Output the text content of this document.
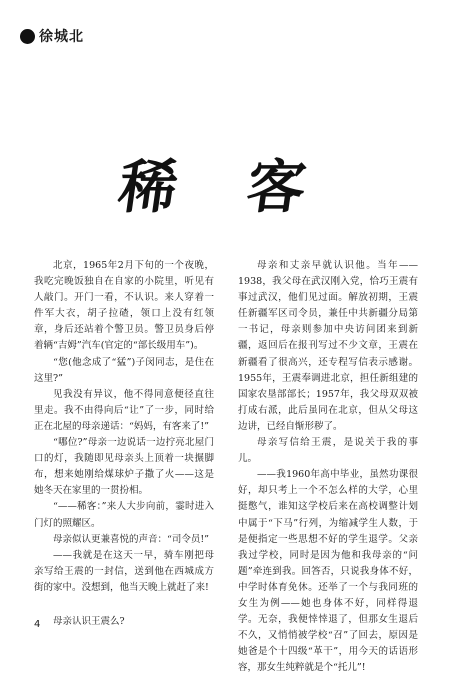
徐城北
稀客

北京，1965年2月下旬的一个夜晚，我吃完晚饭独自在自家的小院里，听见有人敲门。开门一看，不认识。来人穿着一件军大衣，胡子拉碴，领口上没有红领章，身后还站着个警卫员。警卫员身后停着辆“吉姆”汽车(官定的“部长级用车”)。

“您(他念成了“猛”)子闵同志，是住在这里?”

见我没有异议，他不得同意便径直往里走。我不由得向后“让”了一步，同时给正在北屋的母亲递话：“妈妈，有客来了!”

“哪位?”母亲一边说话一边拧亮北屋门口的灯，我随即见母亲头上顶着一块搌脚布，想来她刚给煤球炉子撒了火——这是她冬天在家里的一贯扮相。

“——稀客：”来人大步向前，霎时进入门灯的照耀区。

母亲似认更兼喜悦的声音：“司令员!”

——我就是在这天一早，骑车刚把母亲写给王震的一封信，送到他在西城成方街的家中。没想到，他当天晚上就赶了来!

母亲认识王震么?

母亲和丈亲早就认识他。当年——1938，我父母在武汉刚入党，恰巧王震有事过武汉，他们见过面。解放初期，王震任新疆军区司令员，兼任中共新疆分局第一书记，母亲则参加中央访问团来到新疆，返回后在报刊写过不少文章，王震在新疆看了很高兴，还专程写信表示感谢。1955年，王震奉调进北京，担任新组建的国家农垦部部长；1957年，我父母双双被打成右派，此后虽同在北京，但从父母这边讲，已经自惭形秽了。

母亲写信给王震，是说关于我的事儿。

——我1960年高中毕业，虽然功课很好，却只考上一个不怎么样的大学，心里挺憋气，谁知这学校后来在高校调整计划中属于“下马”行列，为缩减学生人数，于是便指定一些思想不好的学生退学。父亲我过学校，同时是因为他和我母亲的“问题”牵连到我。回答否，只说我身体不好，中学时体育免休。还举了一个与我同班的女生为例——她也身体不好，同样得退学。无奈，我便悻悻退了，但那女生退后不久，又悄悄被学校“召”了回去，原因是她爸是个十四级“革干”，用今天的话语形容，那女生纯粹就是个“托儿”!

4
